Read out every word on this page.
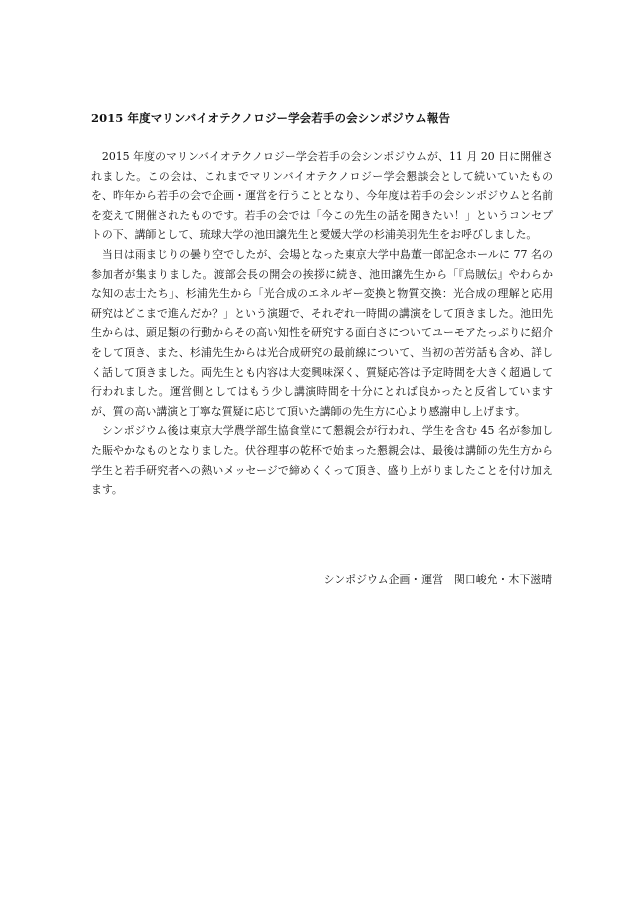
2015 年度マリンバイオテクノロジー学会若手の会シンポジウム報告

2015 年度のマリンバイオテクノロジー学会若手の会シンポジウムが、11 月 20 日に開催されました。この会は、これまでマリンバイオテクノロジー学会懇談会として続いていたものを、昨年から若手の会で企画・運営を行うこととなり、今年度は若手の会シンポジウムと名前を変えて開催されたものです。若手の会では「今この先生の話を聞きたい！」というコンセプトの下、講師として、琉球大学の池田譲先生と愛媛大学の杉浦美羽先生をお呼びしました。

当日は雨まじりの曇り空でしたが、会場となった東京大学中島董一郎記念ホールに 77 名の参加者が集まりました。渡部会長の開会の挨拶に続き、池田譲先生から「『烏賊伝』やわらかな知の志士たち」、杉浦先生から「光合成のエネルギー変換と物質交換：光合成の理解と応用研究はどこまで進んだか？」という演題で、それぞれ一時間の講演をして頂きました。池田先生からは、頭足類の行動からその高い知性を研究する面白さについてユーモアたっぷりに紹介をして頂き、また、杉浦先生からは光合成研究の最前線について、当初の苦労話も含め、詳しく話して頂きました。両先生とも内容は大変興味深く、質疑応答は予定時間を大きく超過して行われました。運営側としてはもう少し講演時間を十分にとれば良かったと反省していますが、質の高い講演と丁寧な質疑に応じて頂いた講師の先生方に心より感謝申し上げます。

シンポジウム後は東京大学農学部生協食堂にて懇親会が行われ、学生を含む 45 名が参加した賑やかなものとなりました。伏谷理事の乾杯で始まった懇親会は、最後は講師の先生方から学生と若手研究者への熱いメッセージで締めくくって頂き、盛り上がりましたことを付け加えます。

シンポジウム企画・運営　関口峻允・木下滋晴
